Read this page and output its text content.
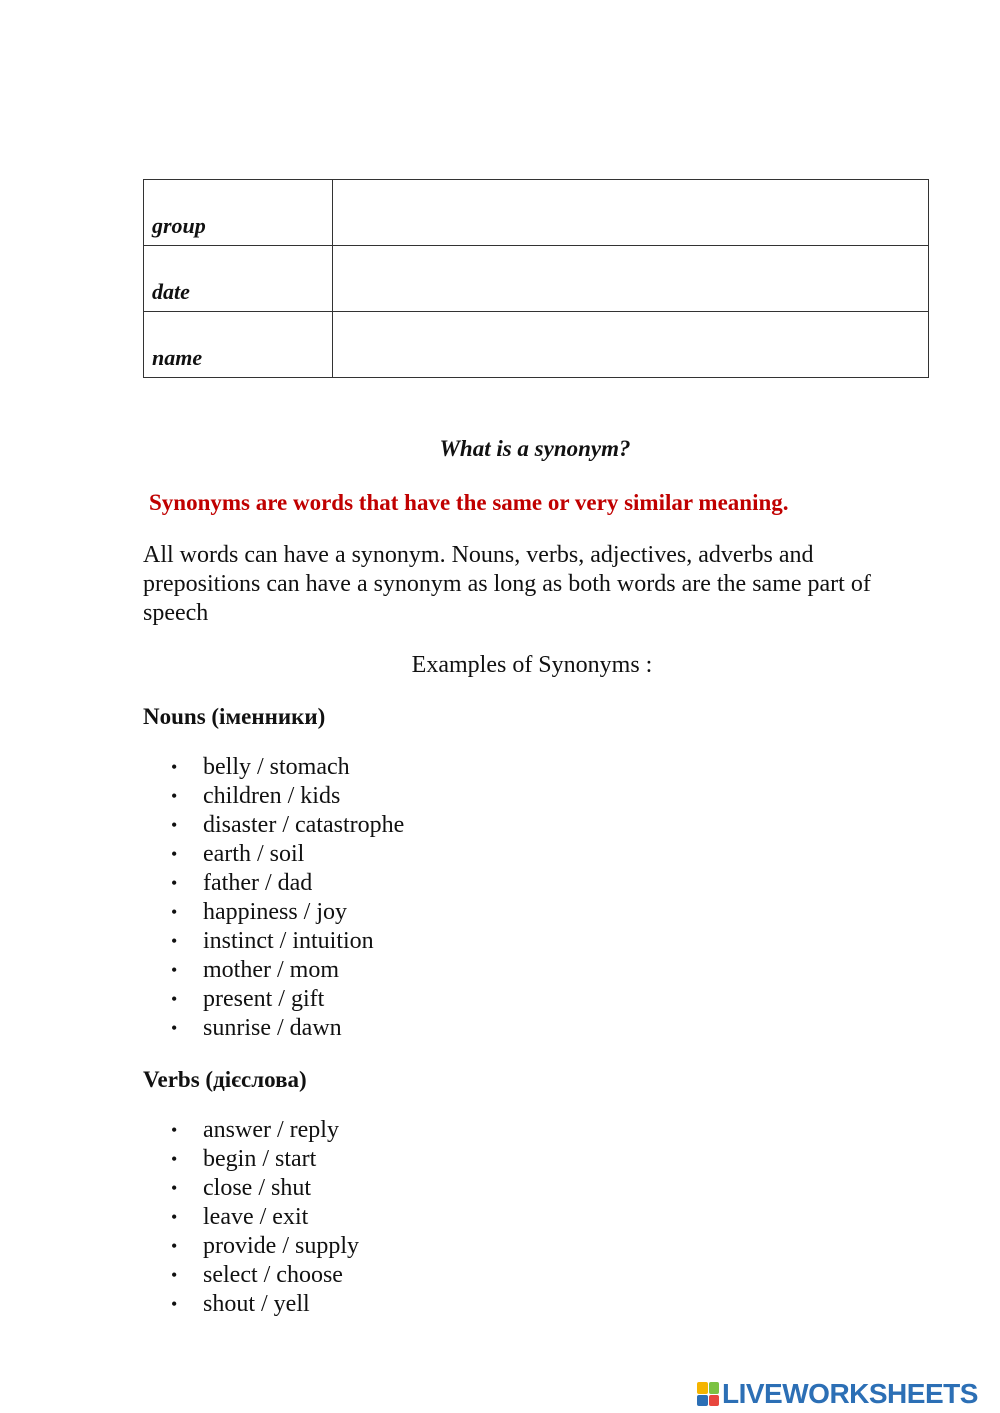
group	

date	

name	
What is a synonym?
Synonyms are words that have the same or very similar meaning.
All words can have a synonym. Nouns, verbs, adjectives, adverbs and
prepositions can have a synonym as long as both words are the same part of
speech
Examples of Synonyms :
Nouns (іменники)
• belly / stomach
• children / kids
• disaster / catastrophe
• earth / soil
• father / dad
• happiness / joy
• instinct / intuition
• mother / mom
• present / gift
• sunrise / dawn
Verbs (дієслова)
• answer / reply
• begin / start
• close / shut
• leave / exit
• provide / supply
• select / choose
• shout / yell
LIVEWORKSHEETS
